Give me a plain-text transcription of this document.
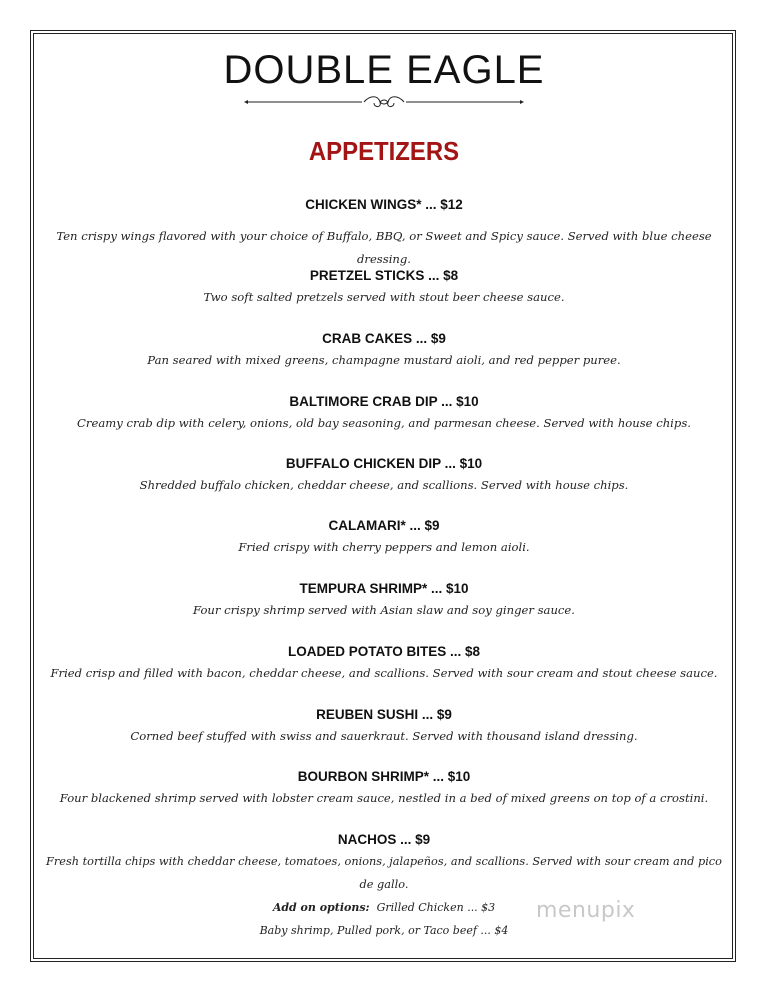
DOUBLE EAGLE
APPETIZERS
CHICKEN WINGS* ... $12
Ten crispy wings flavored with your choice of Buffalo, BBQ, or Sweet and Spicy sauce. Served with blue cheese dressing.
PRETZEL STICKS ... $8
Two soft salted pretzels served with stout beer cheese sauce.
CRAB CAKES ... $9
Pan seared with mixed greens, champagne mustard aioli, and red pepper puree.
BALTIMORE CRAB DIP ... $10
Creamy crab dip with celery, onions, old bay seasoning, and parmesan cheese. Served with house chips.
BUFFALO CHICKEN DIP ... $10
Shredded buffalo chicken, cheddar cheese, and scallions. Served with house chips.
CALAMARI* ... $9
Fried crispy with cherry peppers and lemon aioli.
TEMPURA SHRIMP* ... $10
Four crispy shrimp served with Asian slaw and soy ginger sauce.
LOADED POTATO BITES ... $8
Fried crisp and filled with bacon, cheddar cheese, and scallions. Served with sour cream and stout cheese sauce.
REUBEN SUSHI ... $9
Corned beef stuffed with swiss and sauerkraut. Served with thousand island dressing.
BOURBON SHRIMP* ... $10
Four blackened shrimp served with lobster cream sauce, nestled in a bed of mixed greens on top of a crostini.
NACHOS ... $9
Fresh tortilla chips with cheddar cheese, tomatoes, onions, jalapeños, and scallions. Served with sour cream and pico de gallo.
Add on options: Grilled Chicken ... $3
Baby shrimp, Pulled pork, or Taco beef ... $4
menupix
